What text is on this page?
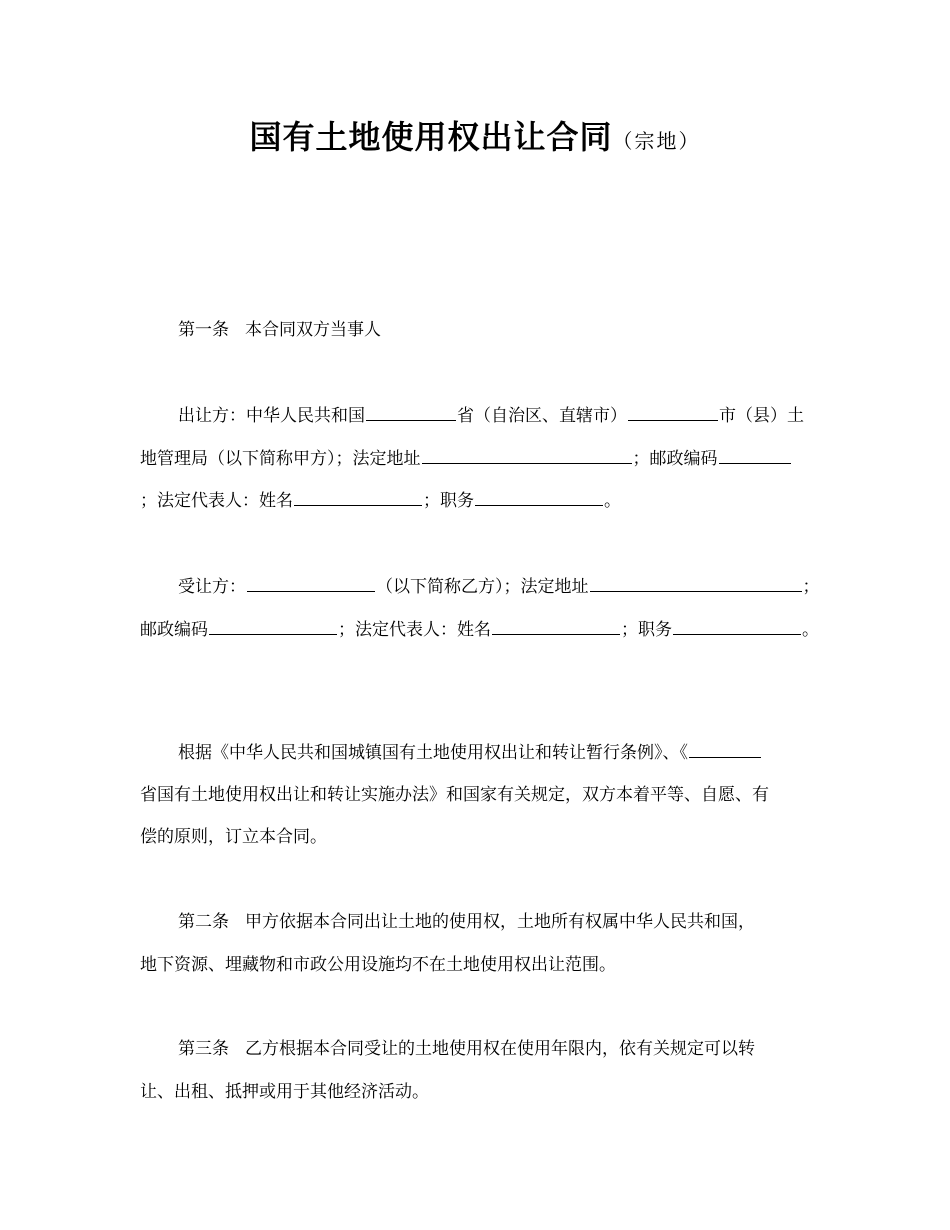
国有土地使用权出让合同（宗地）
第一条 本合同双方当事人
出让方：中华人民共和国	省（自治区、直辖市）	市（县）土
地管理局（以下简称甲方）；法定地址	；邮政编码
；法定代表人：姓名	；职务	。
受让方：	（以下简称乙方）；法定地址	；
邮政编码	；法定代表人：姓名	；职务	。
根据《中华人民共和国城镇国有土地使用权出让和转让暂行条例》、《
省国有土地使用权出让和转让实施办法》和国家有关规定，双方本着平等、自愿、有
偿的原则，订立本合同。
第二条 甲方依据本合同出让土地的使用权，土地所有权属中华人民共和国，
地下资源、埋藏物和市政公用设施均不在土地使用权出让范围。
第三条 乙方根据本合同受让的土地使用权在使用年限内，依有关规定可以转
让、出租、抵押或用于其他经济活动。
